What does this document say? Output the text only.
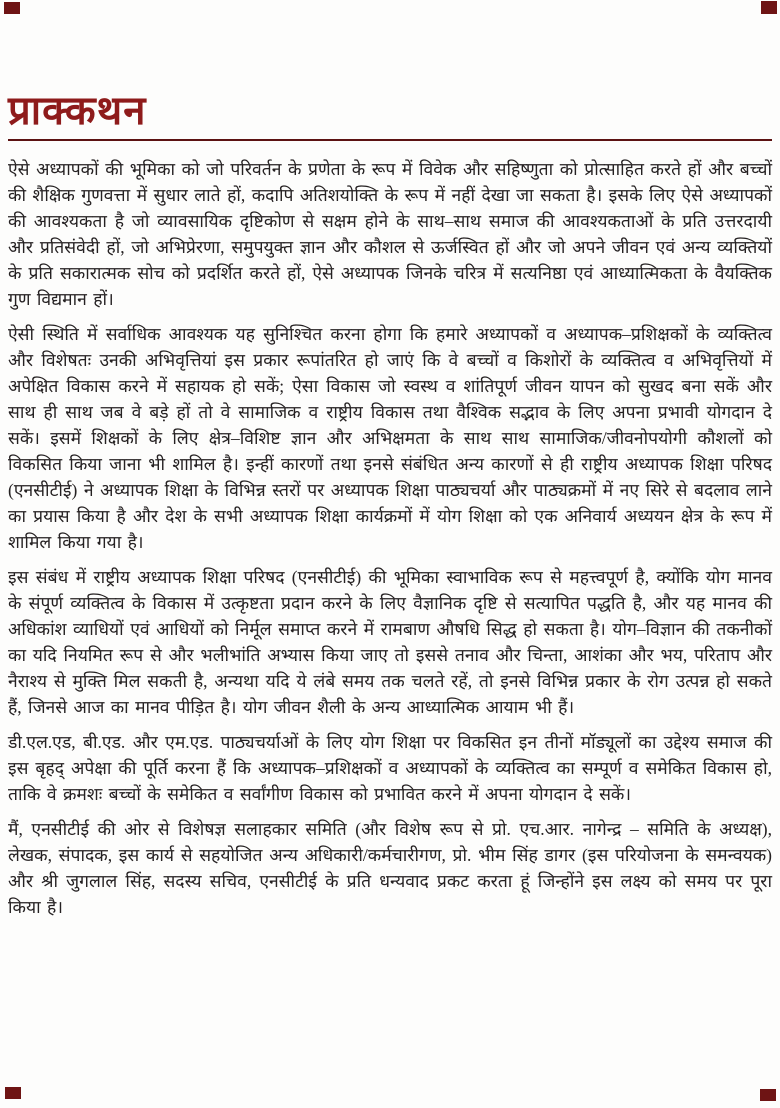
प्राक्कथन

ऐसे अध्यापकों की भूमिका को जो परिवर्तन के प्रणेता के रूप में विवेक और सहिष्णुता को प्रोत्साहित करते हों और बच्चों की शैक्षिक गुणवत्ता में सुधार लाते हों, कदापि अतिशयोक्ति के रूप में नहीं देखा जा सकता है। इसके लिए ऐसे अध्यापकों की आवश्यकता है जो व्यावसायिक दृष्टिकोण से सक्षम होने के साथ–साथ समाज की आवश्यकताओं के प्रति उत्तरदायी और प्रतिसंवेदी हों, जो अभिप्रेरणा, समुपयुक्त ज्ञान और कौशल से ऊर्जस्वित हों और जो अपने जीवन एवं अन्य व्यक्तियों के प्रति सकारात्मक सोच को प्रदर्शित करते हों, ऐसे अध्यापक जिनके चरित्र में सत्यनिष्ठा एवं आध्यात्मिकता के वैयक्तिक गुण विद्यमान हों।

ऐसी स्थिति में सर्वाधिक आवश्यक यह सुनिश्चित करना होगा कि हमारे अध्यापकों व अध्यापक–प्रशिक्षकों के व्यक्तित्व और विशेषतः उनकी अभिवृत्तियां इस प्रकार रूपांतरित हो जाएं कि वे बच्चों व किशोरों के व्यक्तित्व व अभिवृत्तियों में अपेक्षित विकास करने में सहायक हो सकें; ऐसा विकास जो स्वस्थ व शांतिपूर्ण जीवन यापन को सुखद बना सकें और साथ ही साथ जब वे बड़े हों तो वे सामाजिक व राष्ट्रीय विकास तथा वैश्विक सद्भाव के लिए अपना प्रभावी योगदान दे सकें। इसमें शिक्षकों के लिए क्षेत्र–विशिष्ट ज्ञान और अभिक्षमता के साथ साथ सामाजिक/जीवनोपयोगी कौशलों को विकसित किया जाना भी शामिल है। इन्हीं कारणों तथा इनसे संबंधित अन्य कारणों से ही राष्ट्रीय अध्यापक शिक्षा परिषद (एनसीटीई) ने अध्यापक शिक्षा के विभिन्न स्तरों पर अध्यापक शिक्षा पाठ्यचर्या और पाठ्यक्रमों में नए सिरे से बदलाव लाने का प्रयास किया है और देश के सभी अध्यापक शिक्षा कार्यक्रमों में योग शिक्षा को एक अनिवार्य अध्ययन क्षेत्र के रूप में शामिल किया गया है।

इस संबंध में राष्ट्रीय अध्यापक शिक्षा परिषद (एनसीटीई) की भूमिका स्वाभाविक रूप से महत्त्वपूर्ण है, क्योंकि योग मानव के संपूर्ण व्यक्तित्व के विकास में उत्कृष्टता प्रदान करने के लिए वैज्ञानिक दृष्टि से सत्यापित पद्धति है, और यह मानव की अधिकांश व्याधियों एवं आधियों को निर्मूल समाप्त करने में रामबाण औषधि सिद्ध हो सकता है। योग–विज्ञान की तकनीकों का यदि नियमित रूप से और भलीभांति अभ्यास किया जाए तो इससे तनाव और चिन्ता, आशंका और भय, परिताप और नैराश्य से मुक्ति मिल सकती है, अन्यथा यदि ये लंबे समय तक चलते रहें, तो इनसे विभिन्न प्रकार के रोग उत्पन्न हो सकते हैं, जिनसे आज का मानव पीड़ित है। योग जीवन शैली के अन्य आध्यात्मिक आयाम भी हैं।

डी.एल.एड, बी.एड. और एम.एड. पाठ्यचर्याओं के लिए योग शिक्षा पर विकसित इन तीनों मॉड्यूलों का उद्देश्य समाज की इस बृहद् अपेक्षा की पूर्ति करना हैं कि अध्यापक–प्रशिक्षकों व अध्यापकों के व्यक्तित्व का सम्पूर्ण व समेकित विकास हो, ताकि वे क्रमशः बच्चों के समेकित व सर्वांगीण विकास को प्रभावित करने में अपना योगदान दे सकें।

मैं, एनसीटीई की ओर से विशेषज्ञ सलाहकार समिति (और विशेष रूप से प्रो. एच.आर. नागेन्द्र – समिति के अध्यक्ष), लेखक, संपादक, इस कार्य से सहयोजित अन्य अधिकारी/कर्मचारीगण, प्रो. भीम सिंह डागर (इस परियोजना के समन्वयक) और श्री जुगलाल सिंह, सदस्य सचिव, एनसीटीई के प्रति धन्यवाद प्रकट करता हूं जिन्होंने इस लक्ष्य को समय पर पूरा किया है।
